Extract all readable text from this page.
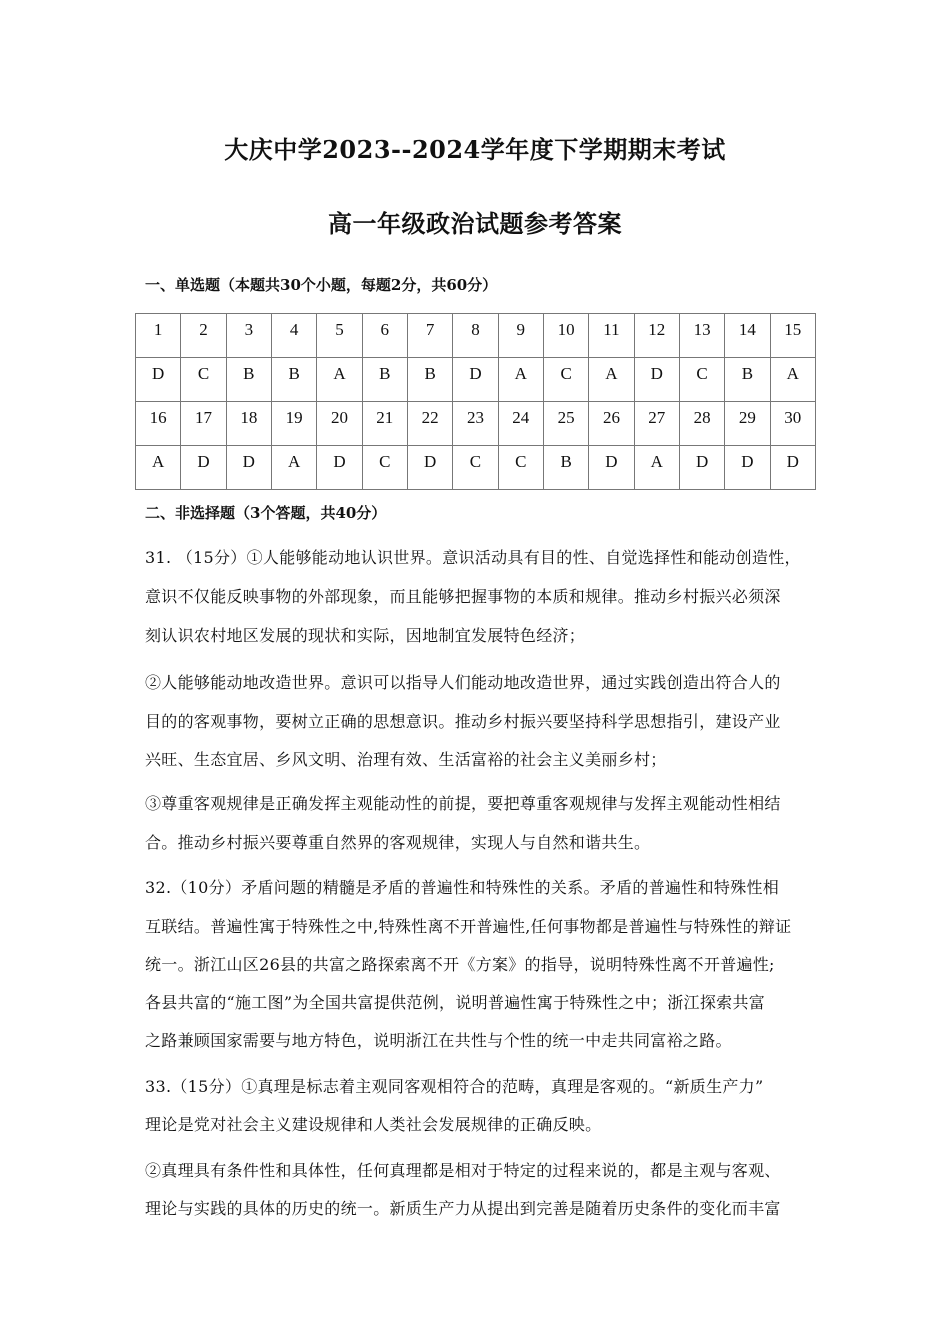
大庆中学2023--2024学年度下学期期末考试
高一年级政治试题参考答案
一、单选题（本题共30个小题，每题2分，共60分）
1	2	3	4	5	6	7	8	9	10	11	12	13	14	15
D	C	B	B	A	B	B	D	A	C	A	D	C	B	A
16	17	18	19	20	21	22	23	24	25	26	27	28	29	30
A	D	D	A	D	C	D	C	C	B	D	A	D	D	D
二、非选择题（3个答题，共40分）
31. （15分）①人能够能动地认识世界。意识活动具有目的性、自觉选择性和能动创造性，
意识不仅能反映事物的外部现象，而且能够把握事物的本质和规律。推动乡村振兴必须深
刻认识农村地区发展的现状和实际，因地制宜发展特色经济；
②人能够能动地改造世界。意识可以指导人们能动地改造世界，通过实践创造出符合人的
目的的客观事物，要树立正确的思想意识。推动乡村振兴要坚持科学思想指引，建设产业
兴旺、生态宜居、乡风文明、治理有效、生活富裕的社会主义美丽乡村；
③尊重客观规律是正确发挥主观能动性的前提，要把尊重客观规律与发挥主观能动性相结
合。推动乡村振兴要尊重自然界的客观规律，实现人与自然和谐共生。
32.（10分）矛盾问题的精髓是矛盾的普遍性和特殊性的关系。矛盾的普遍性和特殊性相
互联结。普遍性寓于特殊性之中,特殊性离不开普遍性,任何事物都是普遍性与特殊性的辩证
统一。浙江山区26县的共富之路探索离不开《方案》的指导，说明特殊性离不开普遍性;
各县共富的“施工图”为全国共富提供范例，说明普遍性寓于特殊性之中；浙江探索共富
之路兼顾国家需要与地方特色，说明浙江在共性与个性的统一中走共同富裕之路。
33.（15分）①真理是标志着主观同客观相符合的范畴，真理是客观的。“新质生产力”
理论是党对社会主义建设规律和人类社会发展规律的正确反映。
②真理具有条件性和具体性，任何真理都是相对于特定的过程来说的，都是主观与客观、
理论与实践的具体的历史的统一。新质生产力从提出到完善是随着历史条件的变化而丰富
